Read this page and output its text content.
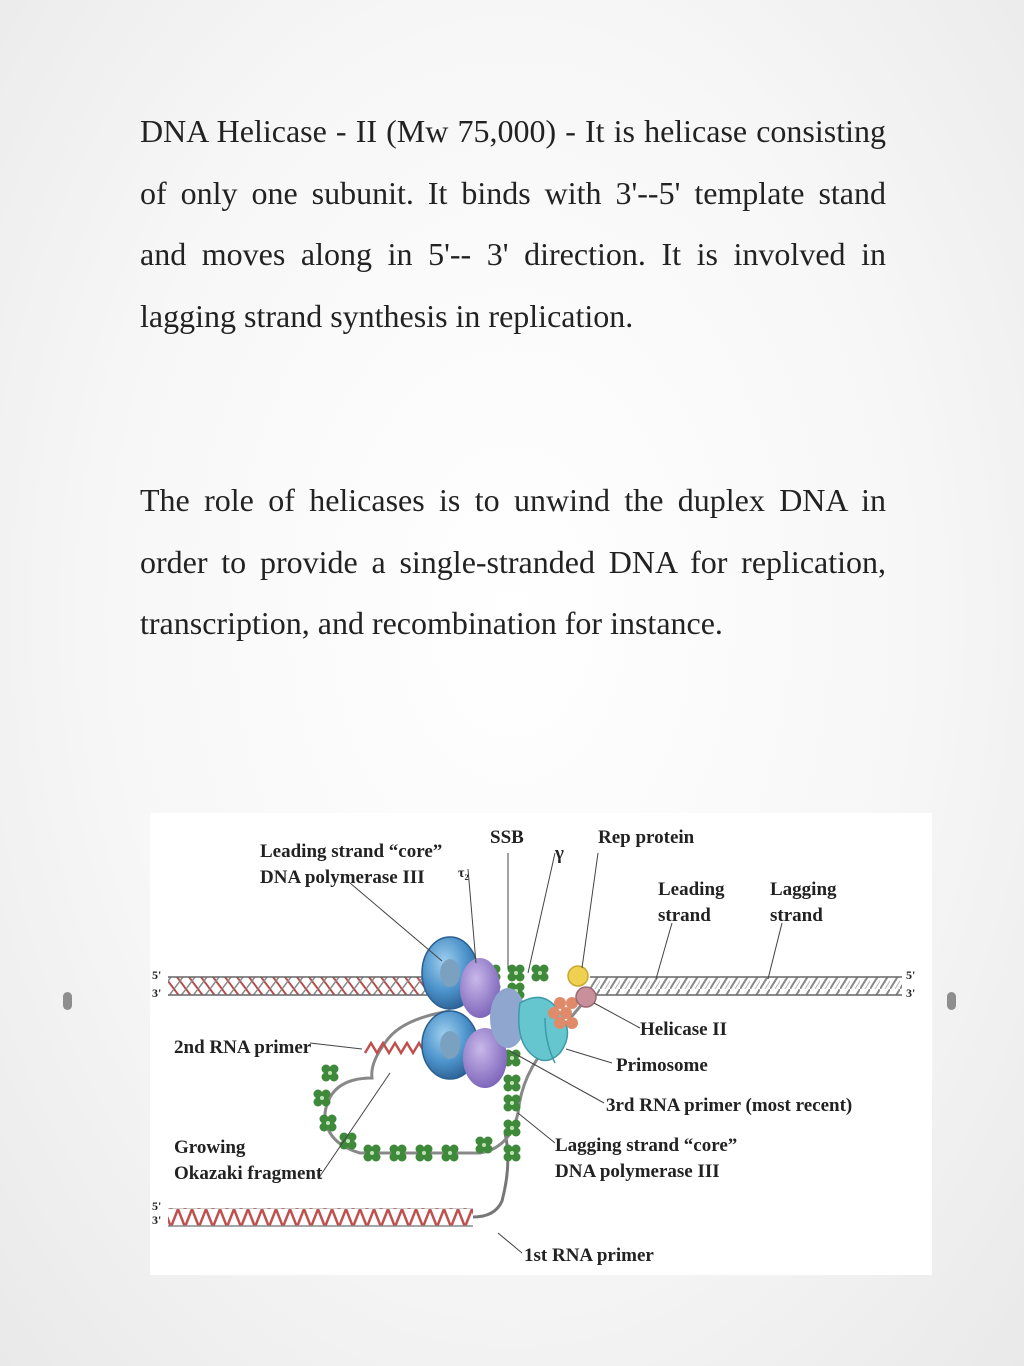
DNA Helicase - II (Mw 75,000) - It is helicase consisting of only one subunit. It binds with 3'--5' template stand and moves along in 5'-- 3' direction. It is involved in lagging strand synthesis in replication.
The role of helicases is to unwind the duplex DNA in order to provide a single-stranded DNA for replication, transcription, and recombination for instance.
5'
3'
5'
3'
5'
3'
Leading strand “core”
DNA polymerase III τ₂
SSB
γ
Rep protein
Leading
strand
Lagging
strand
Helicase II
Primosome
3rd RNA primer (most recent)
2nd RNA primer
Growing
Okazaki fragment
Lagging strand “core”
DNA polymerase III
1st RNA primer
